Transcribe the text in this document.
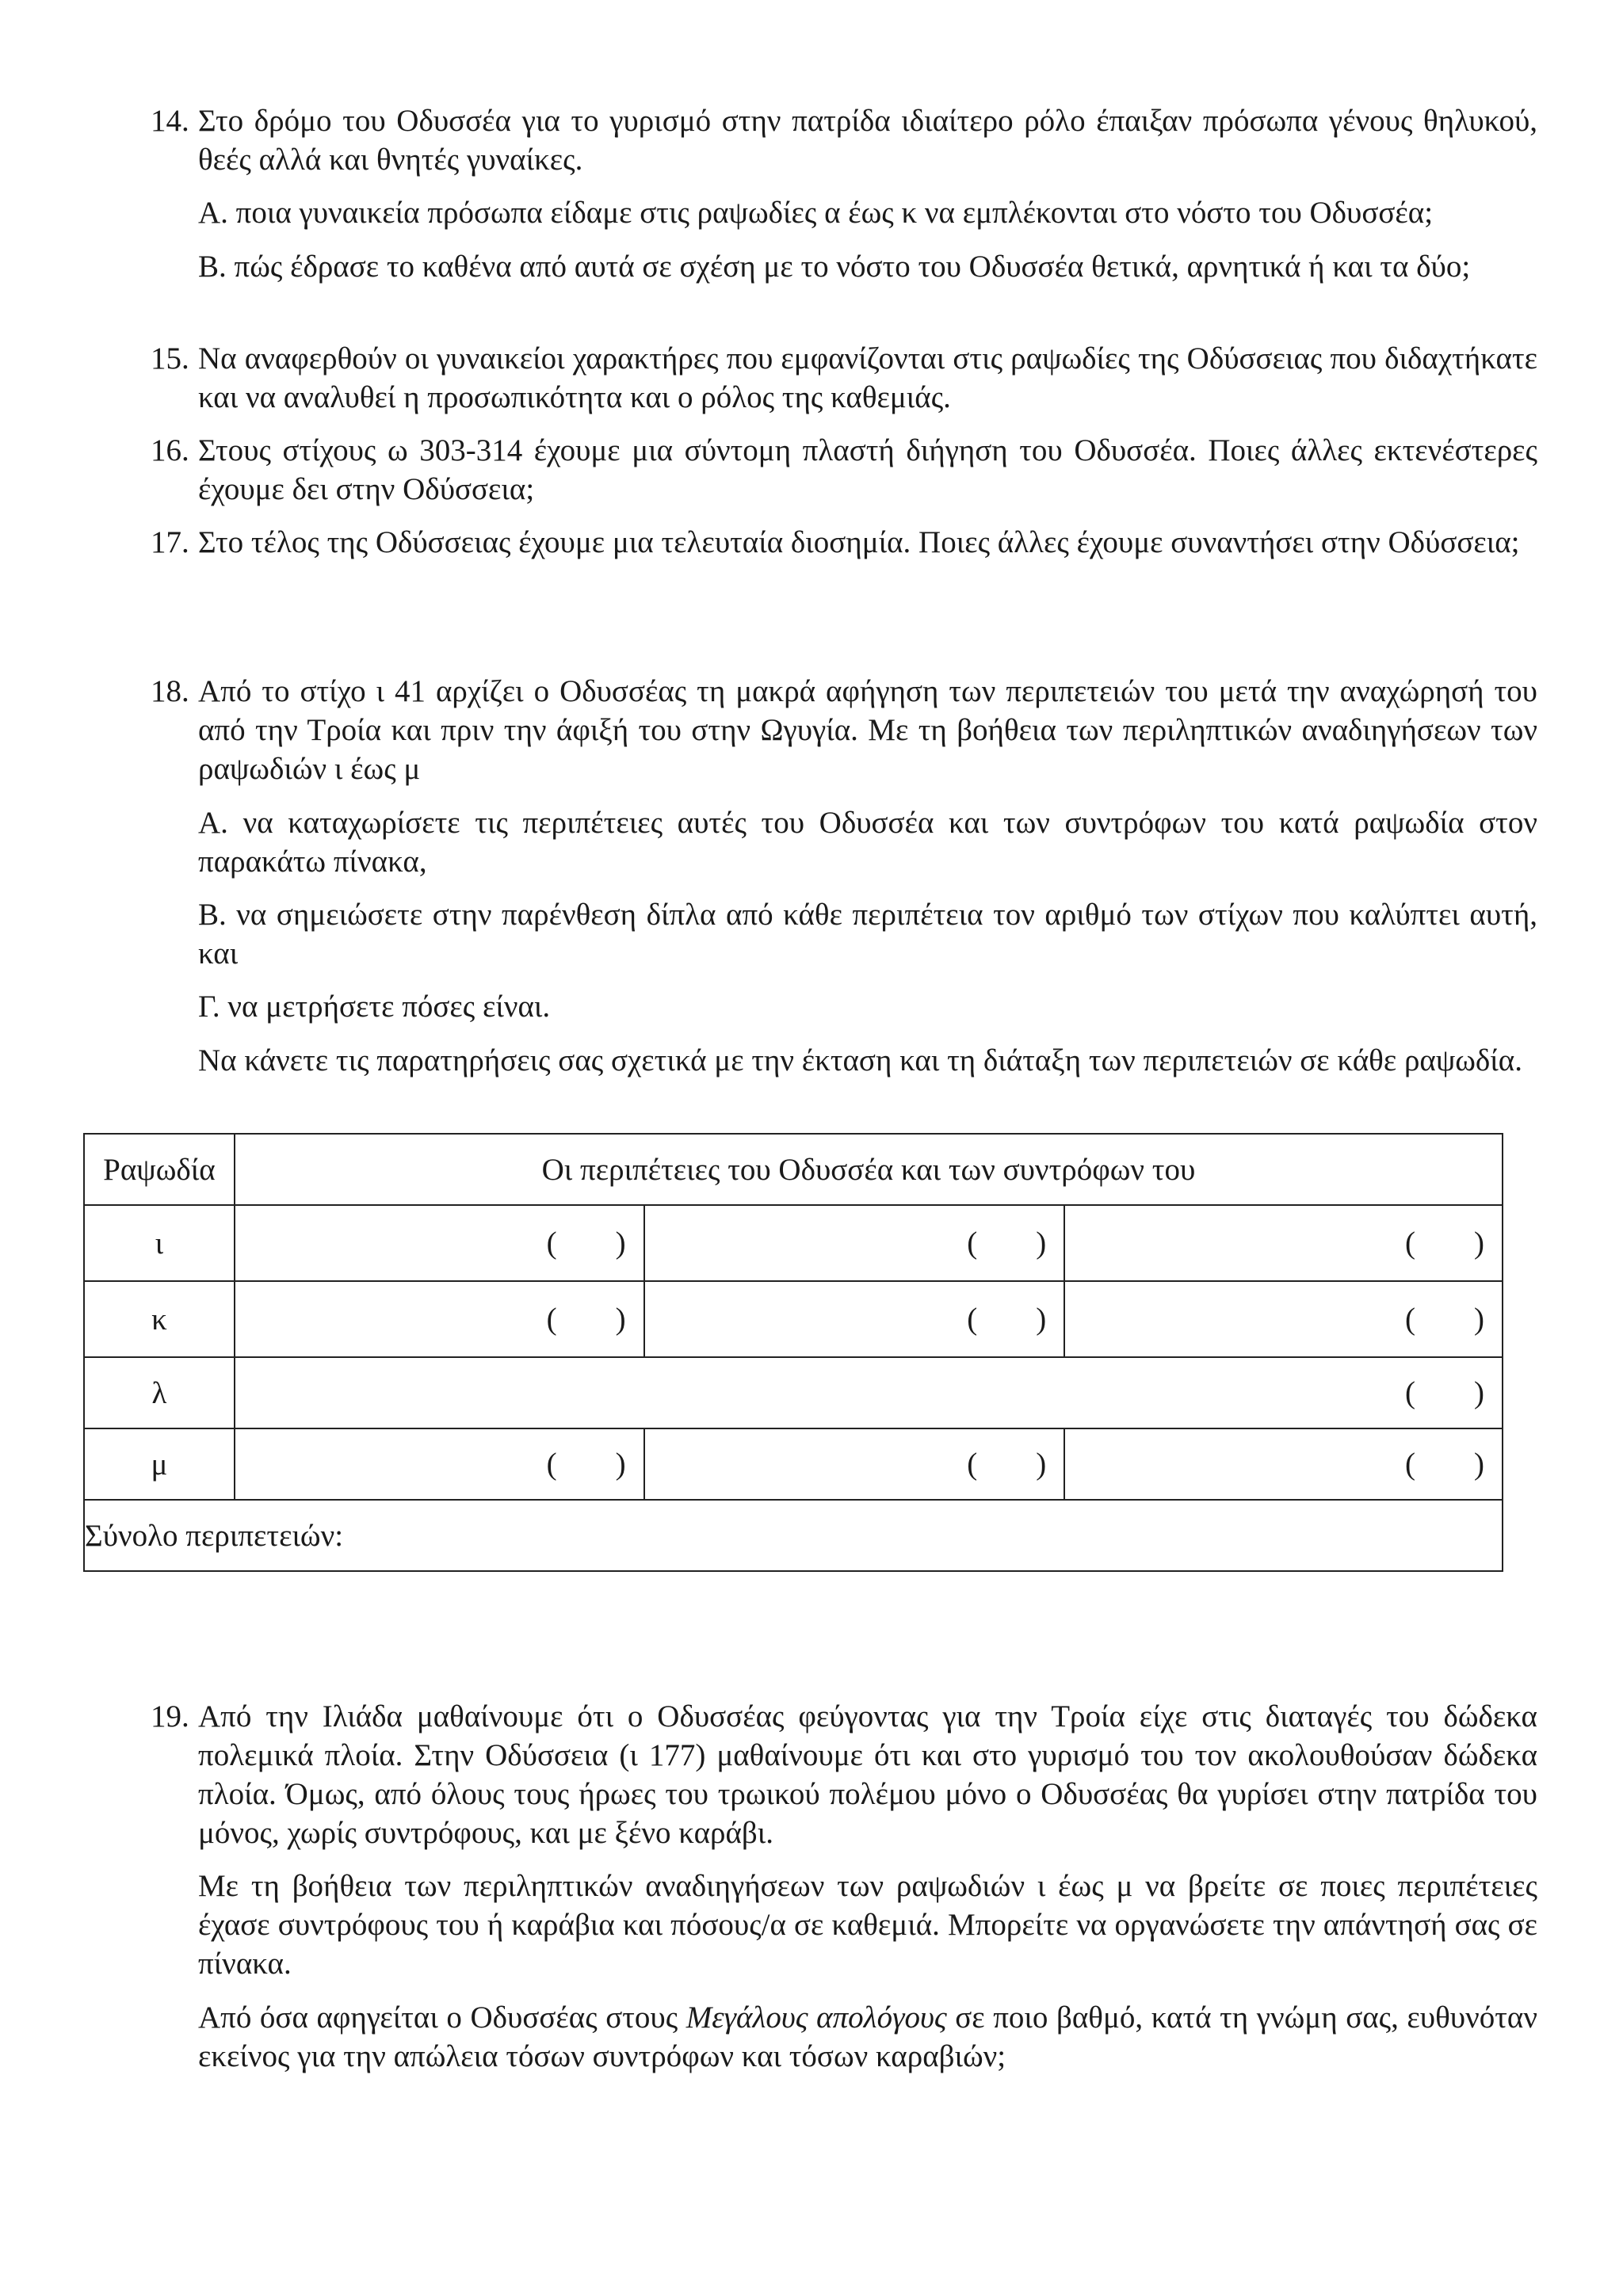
14. Στο δρόμο του Οδυσσέα για το γυρισμό στην πατρίδα ιδιαίτερο ρόλο έπαιξαν πρόσωπα γένους θηλυκού, θεές αλλά και θνητές γυναίκες.

Α. ποια γυναικεία πρόσωπα είδαμε στις ραψωδίες α έως κ να εμπλέκονται στο νόστο του Οδυσσέα;

Β. πώς έδρασε το καθένα από αυτά σε σχέση με το νόστο του Οδυσσέα θετικά, αρνητικά ή και τα δύο;

15. Να αναφερθούν οι γυναικείοι χαρακτήρες που εμφανίζονται στις ραψωδίες της Οδύσσειας που διδαχτήκατε και να αναλυθεί η προσωπικότητα και ο ρόλος της καθεμιάς.

16. Στους στίχους ω 303-314 έχουμε μια σύντομη πλαστή διήγηση του Οδυσσέα. Ποιες άλλες εκτενέστερες έχουμε δει στην Οδύσσεια;

17. Στο τέλος της Οδύσσειας έχουμε μια τελευταία διοσημία. Ποιες άλλες έχουμε συναντήσει στην Οδύσσεια;

18. Από το στίχο ι 41 αρχίζει ο Οδυσσέας τη μακρά αφήγηση των περιπετειών του μετά την αναχώρησή του από την Τροία και πριν την άφιξή του στην Ωγυγία. Με τη βοήθεια των περιληπτικών αναδιηγήσεων των ραψωδιών ι έως μ

Α. να καταχωρίσετε τις περιπέτειες αυτές του Οδυσσέα και των συντρόφων του κατά ραψωδία στον παρακάτω πίνακα,

Β. να σημειώσετε στην παρένθεση δίπλα από κάθε περιπέτεια τον αριθμό των στίχων που καλύπτει αυτή, και

Γ. να μετρήσετε πόσες είναι.

Να κάνετε τις παρατηρήσεις σας σχετικά με την έκταση και τη διάταξη των περιπετειών σε κάθε ραψωδία.

Ραψωδία	Οι περιπέτειες του Οδυσσέα και των συντρόφων του		
ι	( )	( )	( )

κ	( )	( )	( )

λ	( )		

μ	( )	( )	( )

Σύνολο περιπετειών:			
19. Από την Ιλιάδα μαθαίνουμε ότι ο Οδυσσέας φεύγοντας για την Τροία είχε στις διαταγές του δώδεκα πολεμικά πλοία. Στην Οδύσσεια (ι 177) μαθαίνουμε ότι και στο γυρισμό του τον ακολουθούσαν δώδεκα πλοία. Όμως, από όλους τους ήρωες του τρωικού πολέμου μόνο ο Οδυσσέας θα γυρίσει στην πατρίδα του μόνος, χωρίς συντρόφους, και με ξένο καράβι.

Με τη βοήθεια των περιληπτικών αναδιηγήσεων των ραψωδιών ι έως μ να βρείτε σε ποιες περιπέτειες έχασε συντρόφους του ή καράβια και πόσους/α σε καθεμιά. Μπορείτε να οργανώσετε την απάντησή σας σε πίνακα.

Από όσα αφηγείται ο Οδυσσέας στους Μεγάλους απολόγους σε ποιο βαθμό, κατά τη γνώμη σας, ευθυνόταν εκείνος για την απώλεια τόσων συντρόφων και τόσων καραβιών;
